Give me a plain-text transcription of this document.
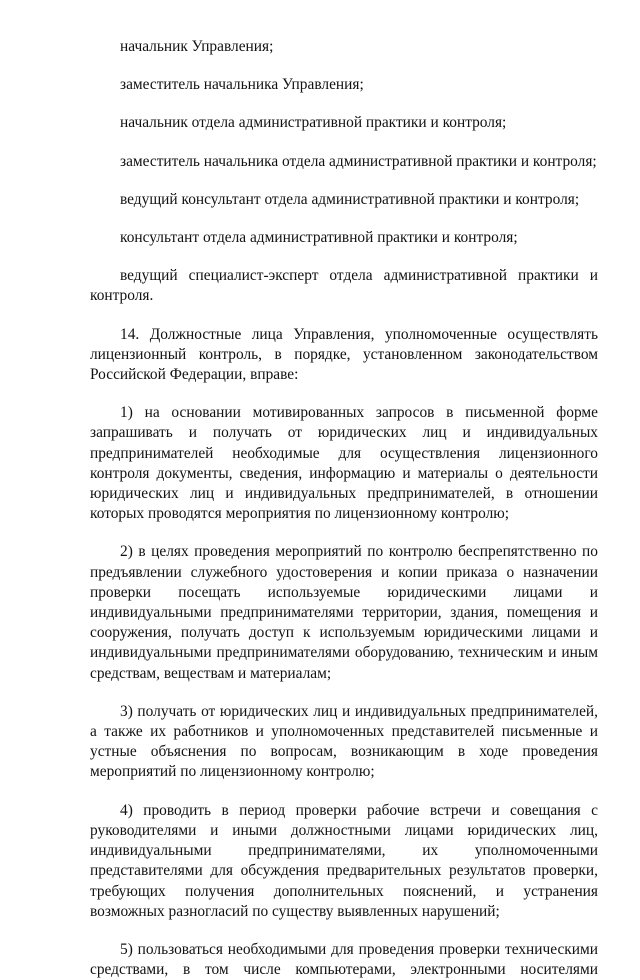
начальник Управления;

заместитель начальника Управления;

начальник отдела административной практики и контроля;

заместитель начальника отдела административной практики и контроля;

ведущий консультант отдела административной практики и контроля;

консультант отдела административной практики и контроля;

ведущий специалист-эксперт отдела административной практики и контроля.

14. Должностные лица Управления, уполномоченные осуществлять лицензионный контроль, в порядке, установленном законодательством Российской Федерации, вправе:

1) на основании мотивированных запросов в письменной форме запрашивать и получать от юридических лиц и индивидуальных предпринимателей необходимые для осуществления лицензионного контроля документы, сведения, информацию и материалы о деятельности юридических лиц и индивидуальных предпринимателей, в отношении которых проводятся мероприятия по лицензионному контролю;

2) в целях проведения мероприятий по контролю беспрепятственно по предъявлении служебного удостоверения и копии приказа о назначении проверки посещать используемые юридическими лицами и индивидуальными предпринимателями территории, здания, помещения и сооружения, получать доступ к используемым юридическими лицами и индивидуальными предпринимателями оборудованию, техническим и иным средствам, веществам и материалам;

3) получать от юридических лиц и индивидуальных предпринимателей, а также их работников и уполномоченных представителей письменные и устные объяснения по вопросам, возникающим в ходе проведения мероприятий по лицензионному контролю;

4) проводить в период проверки рабочие встречи и совещания с руководителями и иными должностными лицами юридических лиц, индивидуальными предпринимателями, их уполномоченными представителями для обсуждения предварительных результатов проверки, требующих получения дополнительных пояснений, и устранения возможных разногласий по существу выявленных нарушений;

5) пользоваться необходимыми для проведения проверки техническими средствами, в том числе компьютерами, электронными носителями
